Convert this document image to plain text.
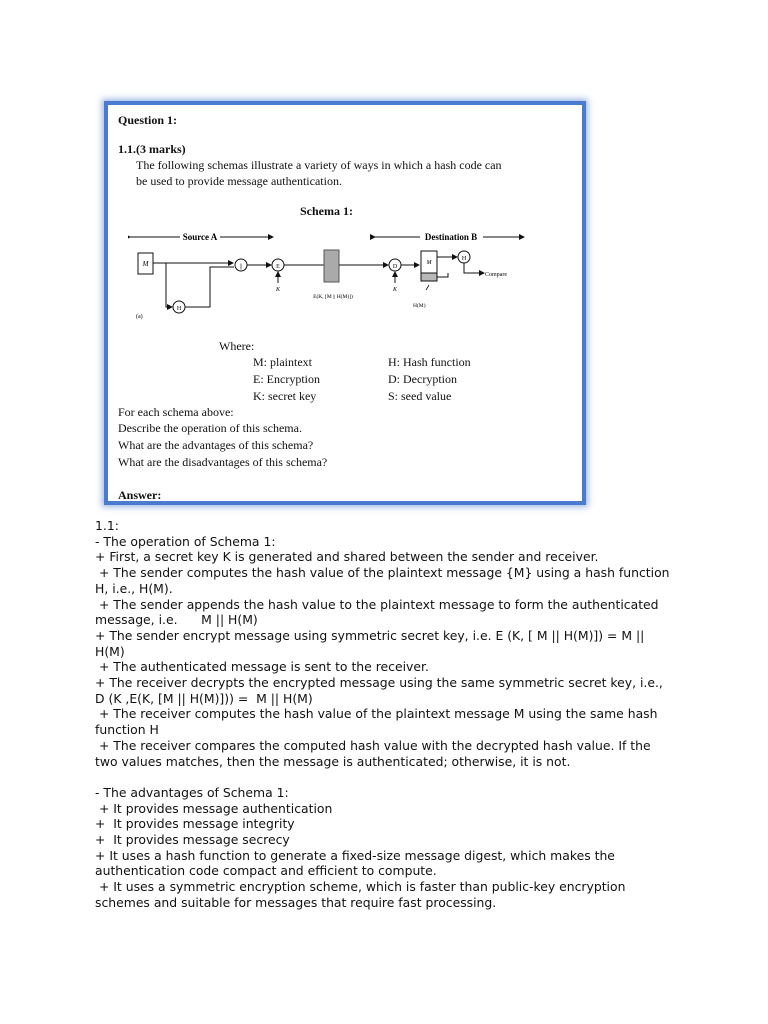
Question 1:
1.1.(3 marks)
The following schemas illustrate a variety of ways in which a hash code can
be used to provide message authentication.
Schema 1:
Source A	Destination B
M
H
||	E
K
E(K, [M || H(M)])
D
K
M
H
Compare
H(M)
(a)
Where:
M: plaintext
E: Encryption
K: secret key
H: Hash function
D: Decryption
S: seed value
For each schema above:
Describe the operation of this schema.
What are the advantages of this schema?
What are the disadvantages of this schema?
Answer:
1.1:
- The operation of Schema 1:
+ First, a secret key K is generated and shared between the sender and receiver.
+ The sender computes the hash value of the plaintext message {M} using a hash function H, i.e., H(M).
+ The sender appends the hash value to the plaintext message to form the authenticated message, i.e.      M || H(M)
+ The sender encrypt message using symmetric secret key, i.e. E (K, [ M || H(M)]) = M || H(M)
+ The authenticated message is sent to the receiver.
+ The receiver decrypts the encrypted message using the same symmetric secret key, i.e., D (K ,E(K, [M || H(M)])) =  M || H(M)
+ The receiver computes the hash value of the plaintext message M using the same hash function H
+ The receiver compares the computed hash value with the decrypted hash value. If the two values matches, then the message is authenticated; otherwise, it is not.
- The advantages of Schema 1:
+ It provides message authentication
+  It provides message integrity
+  It provides message secrecy
+ It uses a hash function to generate a fixed-size message digest, which makes the authentication code compact and efficient to compute.
+ It uses a symmetric encryption scheme, which is faster than public-key encryption schemes and suitable for messages that require fast processing.
